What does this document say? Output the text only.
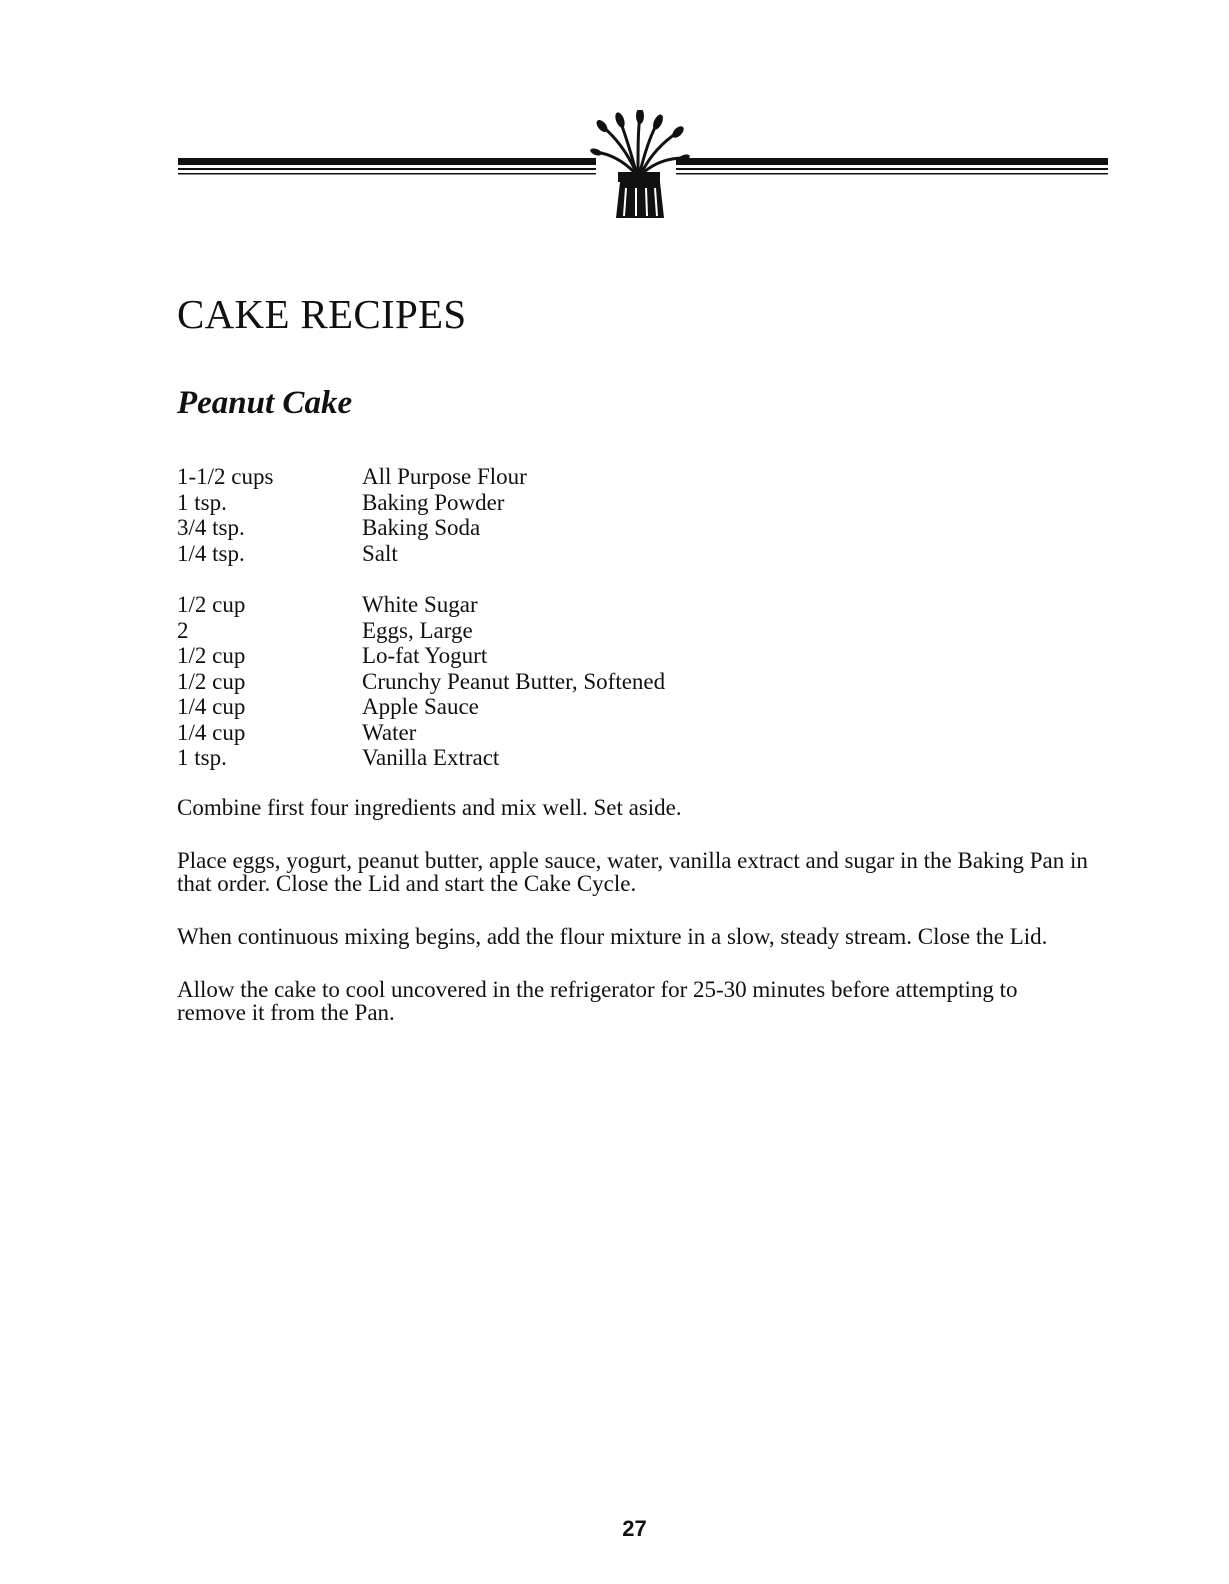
CAKE RECIPES
Peanut Cake
1-1/2 cups	All Purpose Flour
1 tsp.	Baking Powder
3/4 tsp.	Baking Soda
1/4 tsp.	Salt
1/2 cup	White Sugar
2	Eggs, Large
1/2 cup	Lo-fat Yogurt
1/2 cup	Crunchy Peanut Butter, Softened
1/4 cup	Apple Sauce
1/4 cup	Water
1 tsp.	Vanilla Extract

Combine first four ingredients and mix well. Set aside.

Place eggs, yogurt, peanut butter, apple sauce, water, vanilla extract and sugar in the Baking Pan in that order. Close the Lid and start the Cake Cycle.

When continuous mixing begins, add the flour mixture in a slow, steady stream. Close the Lid.

Allow the cake to cool uncovered in the refrigerator for 25-30 minutes before attempting to remove it from the Pan.

27
